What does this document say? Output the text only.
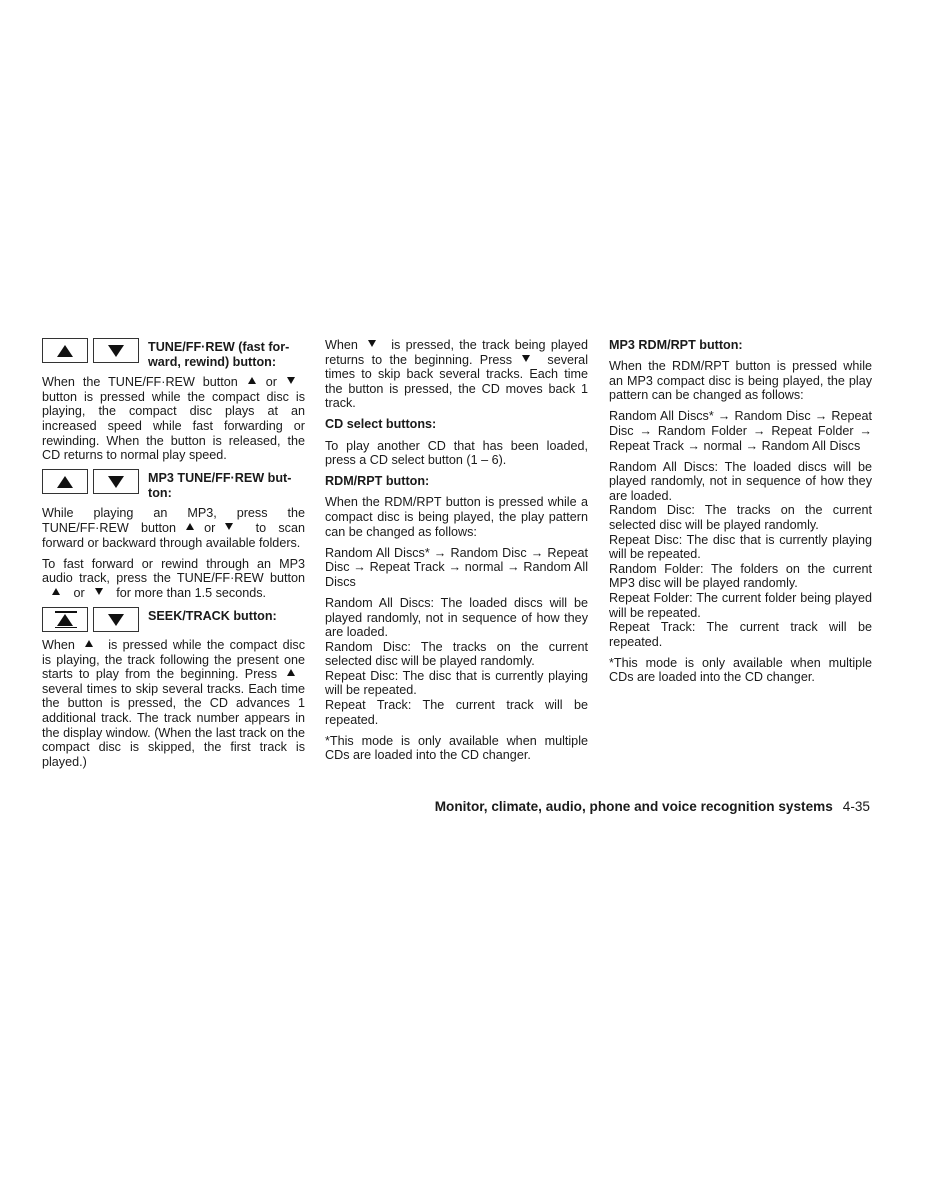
TUNE/FF·REW (fast for- ward, rewind) button:

When the TUNE/FF·REW button or button is pressed while the compact disc is playing, the compact disc plays at an increased speed while fast forwarding or rewinding. When the button is released, the CD returns to normal play speed.

MP3 TUNE/FF·REW but- ton:

While playing an MP3, press the TUNE/FF·REW button or	to scan forward or backward through available folders.

To fast forward or rewind through an MP3 audio track, press the TUNE/FF·REW button or	for more than 1.5 seconds.

SEEK/TRACK button:

When	is pressed while the compact disc is playing, the track following the present one starts to play from the beginning. Press several times to skip several tracks. Each time the button is pressed, the CD advances 1 additional track. The track number appears in the display window. (When the last track on the compact disc is skipped, the first track is played.)

When	is pressed, the track being played returns to the beginning. Press	several times to skip back several tracks. Each time the button is pressed, the CD moves back 1 track.

CD select buttons:

To play another CD that has been loaded, press a CD select button (1 – 6).

RDM/RPT button:

When the RDM/RPT button is pressed while a compact disc is being played, the play pattern can be changed as follows:

Random All Discs* → Random Disc → Repeat Disc → Repeat Track → normal → Random All Discs

Random All Discs: The loaded discs will be played randomly, not in sequence of how they are loaded.

Random Disc: The tracks on the current selected disc will be played randomly.

Repeat Disc: The disc that is currently playing will be repeated.

Repeat Track: The current track will be repeated.

*This mode is only available when multiple CDs are loaded into the CD changer.

MP3 RDM/RPT button:

When the RDM/RPT button is pressed while an MP3 compact disc is being played, the play pattern can be changed as follows:

Random All Discs* → Random Disc → Repeat Disc → Random Folder → Repeat Folder → Repeat Track → normal → Random All Discs

Random All Discs: The loaded discs will be played randomly, not in sequence of how they are loaded.

Random Disc: The tracks on the current selected disc will be played randomly.

Repeat Disc: The disc that is currently playing will be repeated.

Random Folder: The folders on the current MP3 disc will be played randomly.

Repeat Folder: The current folder being played will be repeated.

Repeat Track: The current track will be repeated.

*This mode is only available when multiple CDs are loaded into the CD changer.

Monitor, climate, audio, phone and voice recognition systems 4-35
